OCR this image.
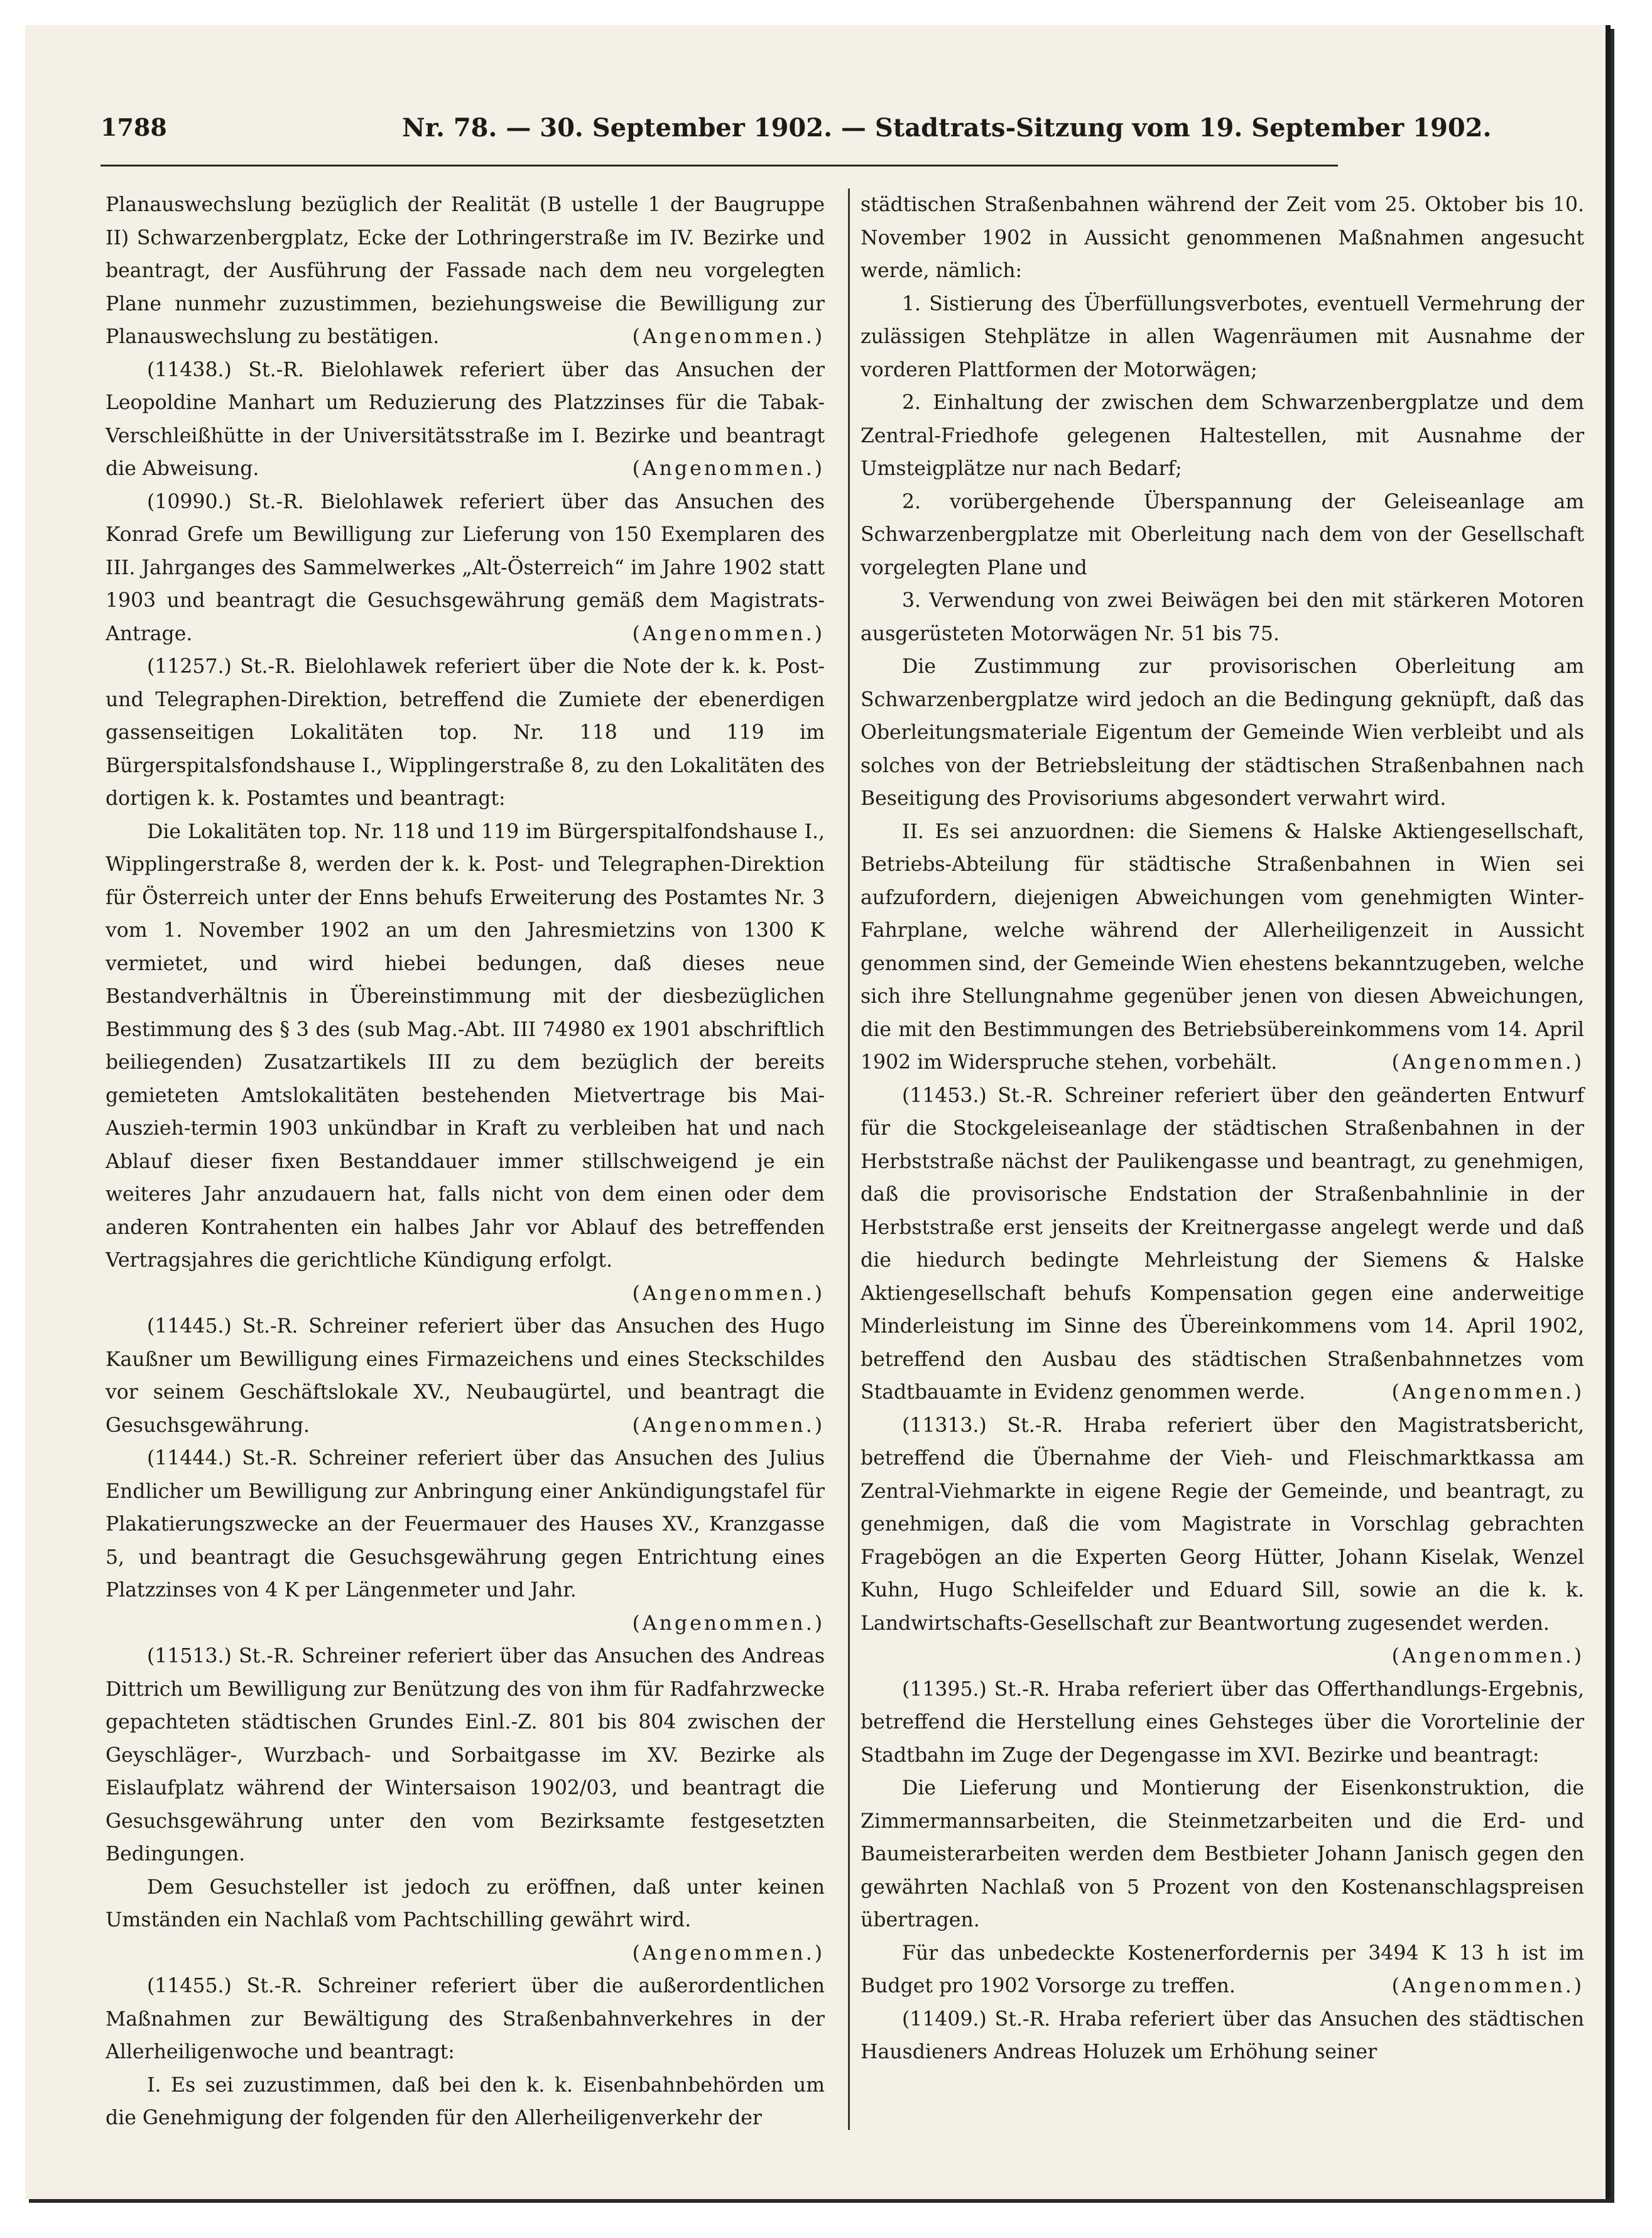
1788	Nr. 78. — 30. September 1902. — Stadtrats-Sitzung vom 19. September 1902.

Planauswechslung bezüglich der Realität (B ustelle 1 der Baugruppe II) Schwarzenbergplatz, Ecke der Lothringerstraße im IV. Bezirke und beantragt, der Ausführung der Fassade nach dem neu vorgelegten Plane nunmehr zuzustimmen, beziehungsweise die Bewilligung zur Planauswechslung zu bestätigen.	(Angenommen.)

(11438.) St.-R. Bielohlawek referiert über das Ansuchen der Leopoldine Manhart um Reduzierung des Platzzinses für die Tabak-Verschleißhütte in der Universitätsstraße im I. Bezirke und beantragt die Abweisung.	(Angenommen.)

(10990.) St.-R. Bielohlawek referiert über das Ansuchen des Konrad Grefe um Bewilligung zur Lieferung von 150 Exemplaren des III. Jahrganges des Sammelwerkes „Alt-Österreich“ im Jahre 1902 statt 1903 und beantragt die Gesuchsgewährung gemäß dem Magistrats-Antrage.	(Angenommen.)

(11257.) St.-R. Bielohlawek referiert über die Note der k. k. Post- und Telegraphen-Direktion, betreffend die Zumiete der ebenerdigen gassenseitigen Lokalitäten top. Nr. 118 und 119 im Bürgerspitalsfondshause I., Wipplingerstraße 8, zu den Lokalitäten des dortigen k. k. Postamtes und beantragt:

Die Lokalitäten top. Nr. 118 und 119 im Bürgerspitalfondshause I., Wipplingerstraße 8, werden der k. k. Post- und Telegraphen-Direktion für Österreich unter der Enns behufs Erweiterung des Postamtes Nr. 3 vom 1. November 1902 an um den Jahresmietzins von 1300 K vermietet, und wird hiebei bedungen, daß dieses neue Bestandverhältnis in Übereinstimmung mit der diesbezüglichen Bestimmung des § 3 des (sub Mag.-Abt. III 74980 ex 1901 abschriftlich beiliegenden) Zusatzartikels III zu dem bezüglich der bereits gemieteten Amtslokalitäten bestehenden Mietvertrage bis Mai-Auszieh-termin 1903 unkündbar in Kraft zu verbleiben hat und nach Ablauf dieser fixen Bestanddauer immer stillschweigend je ein weiteres Jahr anzudauern hat, falls nicht von dem einen oder dem anderen Kontrahenten ein halbes Jahr vor Ablauf des betreffenden Vertragsjahres die gerichtliche Kündigung erfolgt.
(Angenommen.)

(11445.) St.-R. Schreiner referiert über das Ansuchen des Hugo Kaußner um Bewilligung eines Firmazeichens und eines Steckschildes vor seinem Geschäftslokale XV., Neubaugürtel, und beantragt die Gesuchsgewährung.	(Angenommen.)

(11444.) St.-R. Schreiner referiert über das Ansuchen des Julius Endlicher um Bewilligung zur Anbringung einer Ankündigungstafel für Plakatierungszwecke an der Feuermauer des Hauses XV., Kranzgasse 5, und beantragt die Gesuchsgewährung gegen Entrichtung eines Platzzinses von 4 K per Längenmeter und Jahr.

(Angenommen.)

(11513.) St.-R. Schreiner referiert über das Ansuchen des Andreas Dittrich um Bewilligung zur Benützung des von ihm für Radfahrzwecke gepachteten städtischen Grundes Einl.-Z. 801 bis 804 zwischen der Geyschläger-, Wurzbach- und Sorbaitgasse im XV. Bezirke als Eislaufplatz während der Wintersaison 1902/03, und beantragt die Gesuchsgewährung unter den vom Bezirksamte festgesetzten Bedingungen.

Dem Gesuchsteller ist jedoch zu eröffnen, daß unter keinen Umständen ein Nachlaß vom Pachtschilling gewährt wird.

(Angenommen.)

(11455.) St.-R. Schreiner referiert über die außerordentlichen Maßnahmen zur Bewältigung des Straßenbahnverkehres in der Allerheiligenwoche und beantragt:

I. Es sei zuzustimmen, daß bei den k. k. Eisenbahnbehörden um die Genehmigung der folgenden für den Allerheiligenverkehr der

städtischen Straßenbahnen während der Zeit vom 25. Oktober bis 10. November 1902 in Aussicht genommenen Maßnahmen angesucht werde, nämlich:

1. Sistierung des Überfüllungsverbotes, eventuell Vermehrung der zulässigen Stehplätze in allen Wagenräumen mit Ausnahme der vorderen Plattformen der Motorwägen;

2. Einhaltung der zwischen dem Schwarzenbergplatze und dem Zentral-Friedhofe gelegenen Haltestellen, mit Ausnahme der Umsteigplätze nur nach Bedarf;

2. vorübergehende Überspannung der Geleiseanlage am Schwarzenbergplatze mit Oberleitung nach dem von der Gesellschaft vorgelegten Plane und

3. Verwendung von zwei Beiwägen bei den mit stärkeren Motoren ausgerüsteten Motorwägen Nr. 51 bis 75.

Die Zustimmung zur provisorischen Oberleitung am Schwarzenbergplatze wird jedoch an die Bedingung geknüpft, daß das Oberleitungsmateriale Eigentum der Gemeinde Wien verbleibt und als solches von der Betriebsleitung der städtischen Straßenbahnen nach Beseitigung des Provisoriums abgesondert verwahrt wird.

II. Es sei anzuordnen: die Siemens & Halske Aktiengesellschaft, Betriebs-Abteilung für städtische Straßenbahnen in Wien sei aufzufordern, diejenigen Abweichungen vom genehmigten Winter-Fahrplane, welche während der Allerheiligenzeit in Aussicht genommen sind, der Gemeinde Wien ehestens bekanntzugeben, welche sich ihre Stellungnahme gegenüber jenen von diesen Abweichungen, die mit den Bestimmungen des Betriebsübereinkommens vom 14. April 1902 im Widerspruche stehen, vorbehält.	(Angenommen.)

(11453.) St.-R. Schreiner referiert über den geänderten Entwurf für die Stockgeleiseanlage der städtischen Straßenbahnen in der Herbststraße nächst der Paulikengasse und beantragt, zu genehmigen, daß die provisorische Endstation der Straßenbahnlinie in der Herbststraße erst jenseits der Kreitnergasse angelegt werde und daß die hiedurch bedingte Mehrleistung der Siemens & Halske Aktiengesellschaft behufs Kompensation gegen eine anderweitige Minderleistung im Sinne des Übereinkommens vom 14. April 1902, betreffend den Ausbau des städtischen Straßenbahnnetzes vom Stadtbauamte in Evidenz genommen werde.	(Angenommen.)

(11313.) St.-R. Hraba referiert über den Magistratsbericht, betreffend die Übernahme der Vieh- und Fleischmarktkassa am Zentral-Viehmarkte in eigene Regie der Gemeinde, und beantragt, zu genehmigen, daß die vom Magistrate in Vorschlag gebrachten Fragebögen an die Experten Georg Hütter, Johann Kiselak, Wenzel Kuhn, Hugo Schleifelder und Eduard Sill, sowie an die k. k. Landwirtschafts-Gesellschaft zur Beantwortung zugesendet werden.

(Angenommen.)

(11395.) St.-R. Hraba referiert über das Offerthandlungs-Ergebnis, betreffend die Herstellung eines Gehsteges über die Vorortelinie der Stadtbahn im Zuge der Degengasse im XVI. Bezirke und beantragt:

Die Lieferung und Montierung der Eisenkonstruktion, die Zimmermannsarbeiten, die Steinmetzarbeiten und die Erd- und Baumeisterarbeiten werden dem Bestbieter Johann Janisch gegen den gewährten Nachlaß von 5 Prozent von den Kostenanschlagspreisen übertragen.

Für das unbedeckte Kostenerfordernis per 3494 K 13 h ist im Budget pro 1902 Vorsorge zu treffen.	(Angenommen.)

(11409.) St.-R. Hraba referiert über das Ansuchen des städtischen Hausdieners Andreas Holuzek um Erhöhung seiner
